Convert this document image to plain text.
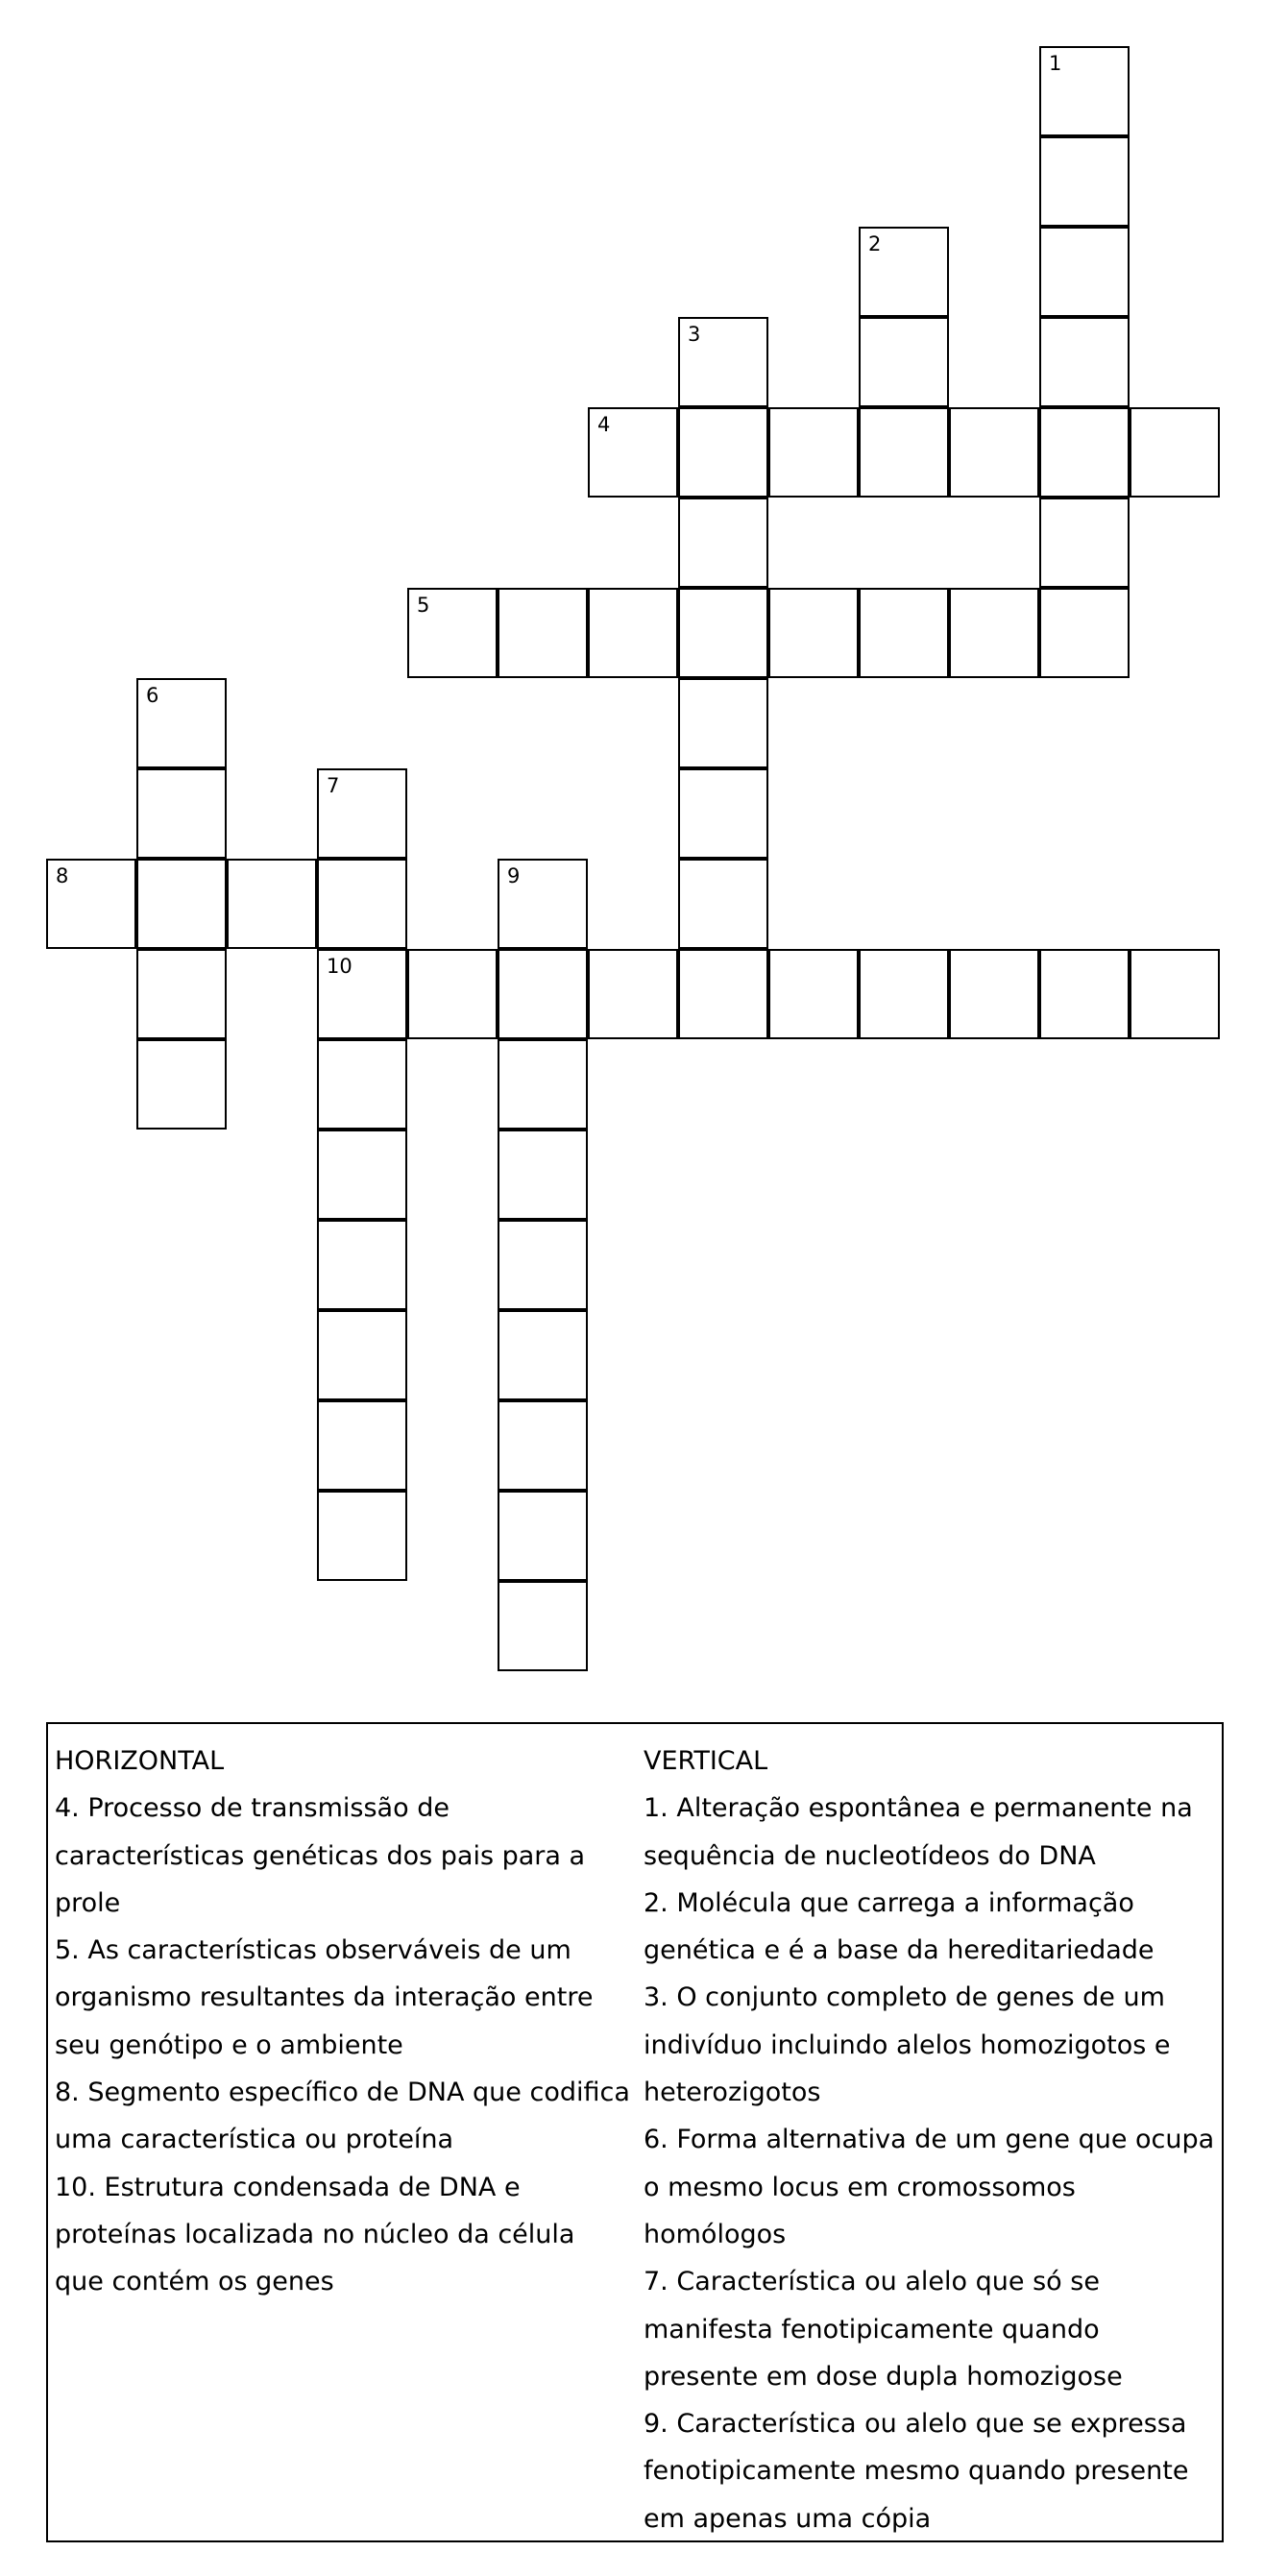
1
2
3
4
5
6
7
10
8	9

HORIZONTAL

4. Processo de transmissão de características genéticas dos pais para a prole

5. As características observáveis de um organismo resultantes da interação entre seu genótipo e o ambiente

8. Segmento específico de DNA que codifica uma característica ou proteína

10. Estrutura condensada de DNA e proteínas localizada no núcleo da célula que contém os genes

VERTICAL

1. Alteração espontânea e permanente na sequência de nucleotídeos do DNA

2. Molécula que carrega a informação genética e é a base da hereditariedade

3. O conjunto completo de genes de um indivíduo incluindo alelos homozigotos e heterozigotos

6. Forma alternativa de um gene que ocupa o mesmo locus em cromossomos homólogos

7. Característica ou alelo que só se manifesta fenotipicamente quando presente em dose dupla homozigose

9. Característica ou alelo que se expressa fenotipicamente mesmo quando presente em apenas uma cópia
